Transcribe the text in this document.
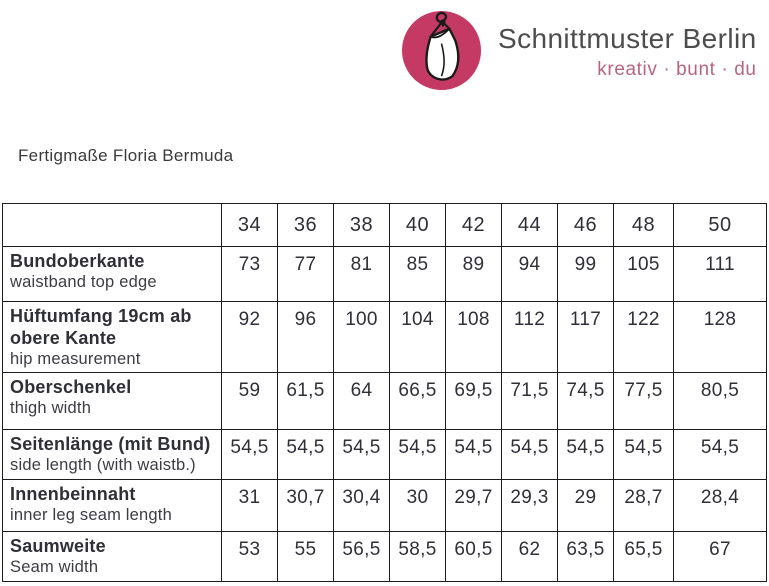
Schnittmuster Berlin
kreativ · bunt · du
Fertigmaße Floria Bermuda
	34	36	38	40	42	44	46	48	50

Bundoberkante
waistband top edge	73	77	81	85	89	94	99	105	111

Hüftumfang 19cm ab obere Kante
hip measurement	92	96	100	104	108	112	117	122	128

Oberschenkel
thigh width	59	61,5	64	66,5	69,5	71,5	74,5	77,5	80,5

Seitenlänge (mit Bund)
side length (with waistb.)	54,5	54,5	54,5	54,5	54,5	54,5	54,5	54,5	54,5

Innenbeinnaht
inner leg seam length	31	30,7	30,4	30	29,7	29,3	29	28,7	28,4

Saumweite
Seam width	53	55	56,5	58,5	60,5	62	63,5	65,5	67
